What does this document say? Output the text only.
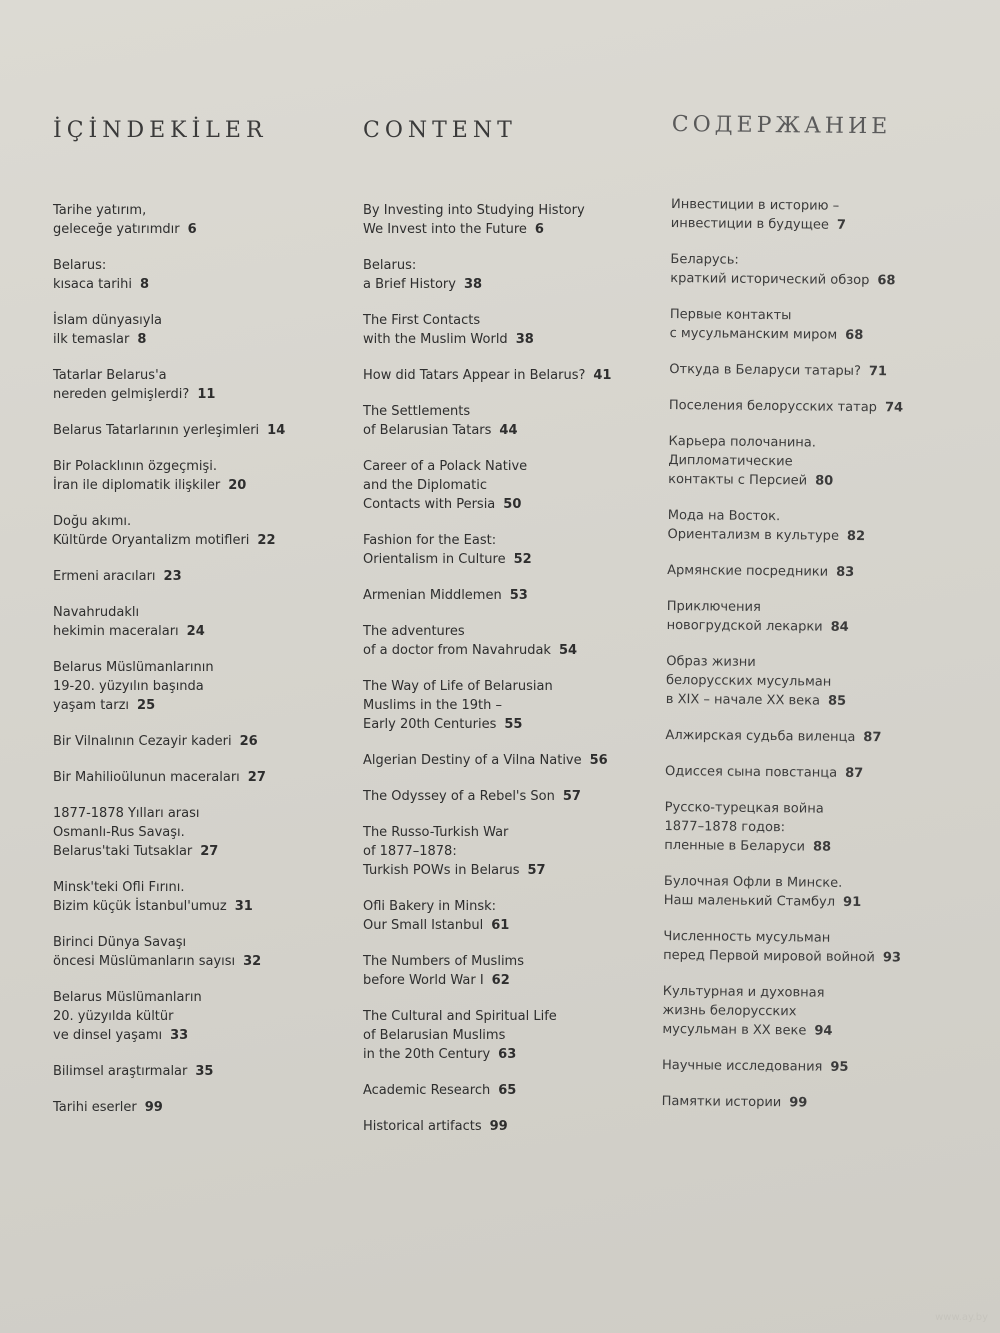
İÇİNDEKİLER
Tarihe yatırım,
geleceğe yatırımdır 6
Belarus:
kısaca tarihi 8
İslam dünyasıyla
ilk temaslar 8
Tatarlar Belarus'a
nereden gelmişlerdi? 11
Belarus Tatarlarının yerleşimleri 14
Bir Polacklının özgeçmişi.
İran ile diplomatik ilişkiler 20
Doğu akımı.
Kültürde Oryantalizm motifleri 22
Ermeni aracıları 23
Navahrudaklı
hekimin maceraları 24
Belarus Müslümanlarının
19-20. yüzyılın başında
yaşam tarzı 25
Bir Vilnalının Cezayir kaderi 26
Bir Mahilioülunun maceraları 27
1877-1878 Yılları arası
Osmanlı-Rus Savaşı.
Belarus'taki Tutsaklar 27
Minsk'teki Ofli Fırını.
Bizim küçük İstanbul'umuz 31
Birinci Dünya Savaşı
öncesi Müslümanların sayısı 32
Belarus Müslümanların
20. yüzyılda kültür
ve dinsel yaşamı 33
Bilimsel araştırmalar 35
Tarihi eserler 99
CONTENT
By Investing into Studying History
We Invest into the Future 6
Belarus:
a Brief History 38
The First Contacts
with the Muslim World 38
How did Tatars Appear in Belarus? 41
The Settlements
of Belarusian Tatars 44
Career of a Polack Native
and the Diplomatic
Contacts with Persia 50
Fashion for the East:
Orientalism in Culture 52
Armenian Middlemen 53
The adventures
of a doctor from Navahrudak 54
The Way of Life of Belarusian
Muslims in the 19th –
Early 20th Centuries 55
Algerian Destiny of a Vilna Native 56
The Odyssey of a Rebel's Son 57
The Russo-Turkish War
of 1877–1878:
Turkish POWs in Belarus 57
Ofli Bakery in Minsk:
Our Small Istanbul 61
The Numbers of Muslims
before World War I 62
The Cultural and Spiritual Life
of Belarusian Muslims
in the 20th Century 63
Academic Research 65
Historical artifacts 99
СОДЕРЖАНИЕ
Инвестиции в историю –
инвестиции в будущее 7
Беларусь:
краткий исторический обзор 68
Первые контакты
с мусульманским миром 68
Откуда в Беларуси татары? 71
Поселения белорусских татар 74
Карьера полочанина.
Дипломатические
контакты с Персией 80
Мода на Восток.
Ориентализм в культуре 82
Армянские посредники 83
Приключения
новогрудской лекарки 84
Образ жизни
белорусских мусульман
в XIX – начале XX века 85
Алжирская судьба виленца 87
Одиссея сына повстанца 87
Русско-турецкая война
1877–1878 годов:
пленные в Беларуси 88
Булочная Офли в Минске.
Наш маленький Стамбул 91
Численность мусульман
перед Первой мировой войной 93
Культурная и духовная
жизнь белорусских
мусульман в XX веке 94
Научные исследования 95
Памятки истории 99
www.ay.by
